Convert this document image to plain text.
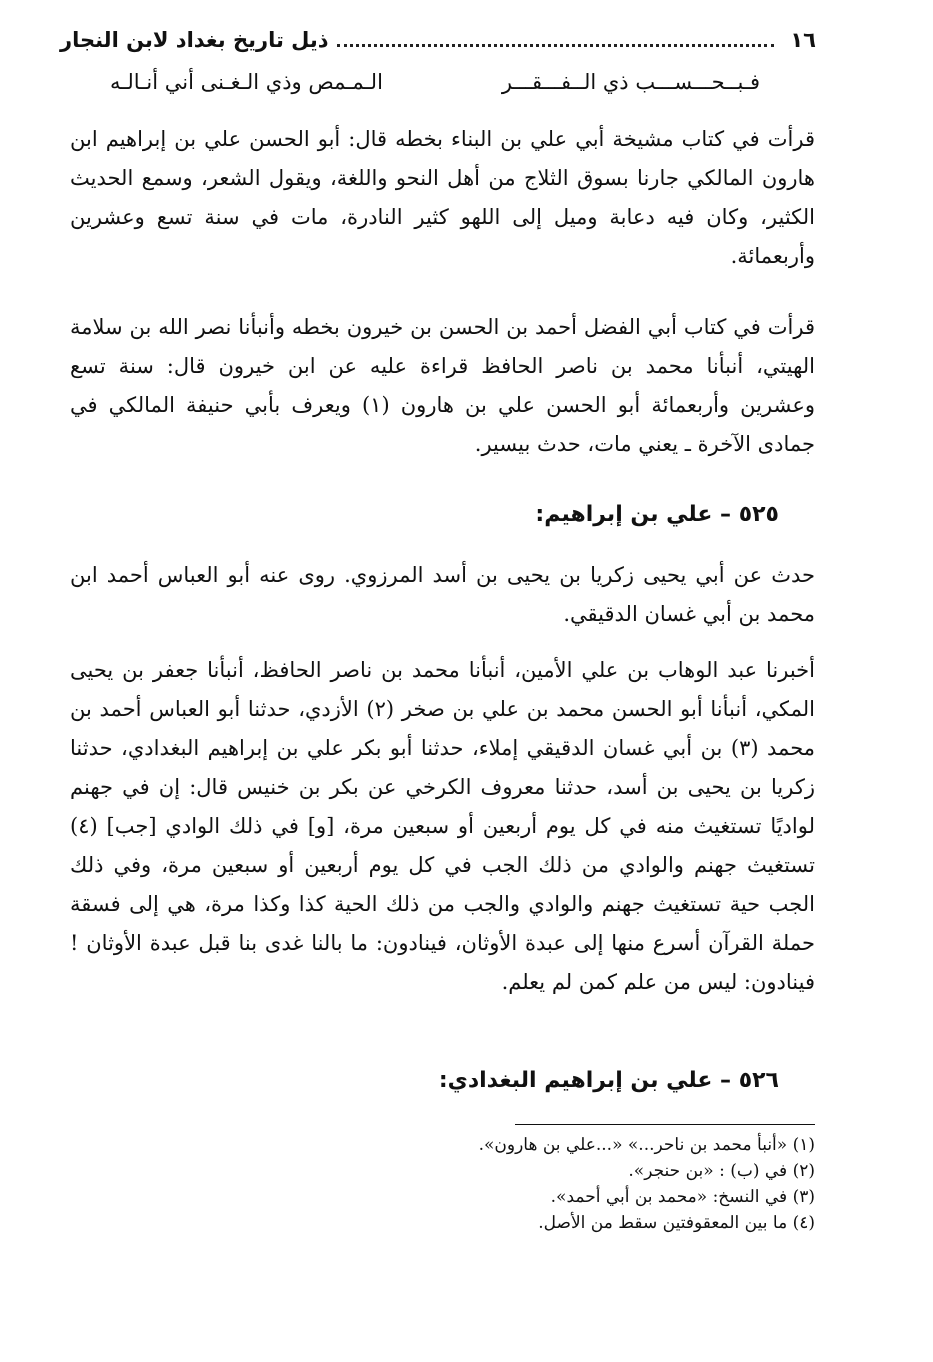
١٦
ذيل تاريخ بغداد لابن النجار
فـبــحـــســـب ذي الــفـــقـــر
الـمـمص وذي الـغـنى أني أنـالـه

قرأت في كتاب مشيخة أبي علي بن البناء بخطه قال: أبو الحسن علي بن إبراهيم ابن هارون المالكي جارنا بسوق الثلاج من أهل النحو واللغة، ويقول الشعر، وسمع الحديث الكثير، وكان فيه دعابة وميل إلى اللهو كثير النادرة، مات في سنة تسع وعشرين وأربعمائة.

قرأت في كتاب أبي الفضل أحمد بن الحسن بن خيرون بخطه وأنبأنا نصر الله بن سلامة الهيتي، أنبأنا محمد بن ناصر الحافظ قراءة عليه عن ابن خيرون قال: سنة تسع وعشرين وأربعمائة أبو الحسن علي بن هارون (١) ويعرف بأبي حنيفة المالكي في جمادى الآخرة ـ يعني مات، حدث بيسير.

٥٢٥ – علي بن إبراهيم:

حدث عن أبي يحيى زكريا بن يحيى بن أسد المرزوي. روى عنه أبو العباس أحمد ابن محمد بن أبي غسان الدقيقي.

أخبرنا عبد الوهاب بن علي الأمين، أنبأنا محمد بن ناصر الحافظ، أنبأنا جعفر بن يحيى المكي، أنبأنا أبو الحسن محمد بن علي بن صخر (٢) الأزدي، حدثنا أبو العباس أحمد بن محمد (٣) بن أبي غسان الدقيقي إملاء، حدثنا أبو بكر علي بن إبراهيم البغدادي، حدثنا زكريا بن يحيى بن أسد، حدثنا معروف الكرخي عن بكر بن خنيس قال: إن في جهنم لواديًا تستغيث منه في كل يوم أربعين أو سبعين مرة، [و] في ذلك الوادي [جب] (٤) تستغيث جهنم والوادي من ذلك الجب في كل يوم أربعين أو سبعين مرة، وفي ذلك الجب حية تستغيث جهنم والوادي والجب من ذلك الحية كذا وكذا مرة، هي إلى فسقة حملة القرآن أسرع منها إلى عبدة الأوثان، فينادون: ما بالنا غدى بنا قبل عبدة الأوثان ! فينادون: ليس من علم كمن لم يعلم.

٥٢٦ – علي بن إبراهيم البغدادي:
(١) «أنبأ محمد بن ناحر...» «...علي بن هارون».
(٢) في (ب) : «بن حنجر».
(٣) في النسخ: «محمد بن أبي أحمد».
(٤) ما بين المعقوفتين سقط من الأصل.
